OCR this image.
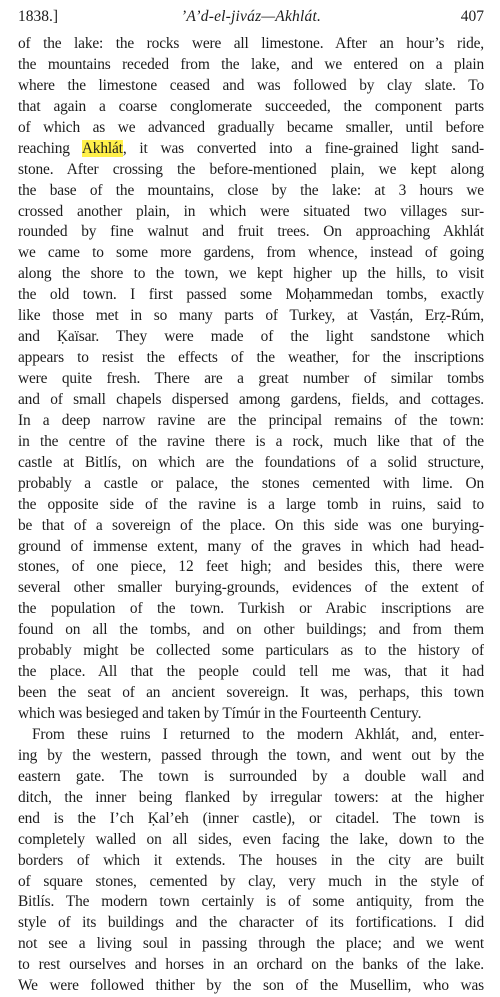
1838.]	’A’d-el-jiváz—Akhlát.	407
of the lake: the rocks were all limestone. After an hour’s ride,
the mountains receded from the lake, and we entered on a plain
where the limestone ceased and was followed by clay slate. To
that again a coarse conglomerate succeeded, the component parts
of which as we advanced gradually became smaller, until before
reaching Akhlát, it was converted into a fine-grained light sand-
stone. After crossing the before-mentioned plain, we kept along
the base of the mountains, close by the lake: at 3 hours we
crossed another plain, in which were situated two villages sur-
rounded by fine walnut and fruit trees. On approaching Akhlát
we came to some more gardens, from whence, instead of going
along the shore to the town, we kept higher up the hills, to visit
the old town. I first passed some Moḥammedan tombs, exactly
like those met in so many parts of Turkey, at Vasṭán, Erẓ-Rúm,
and Ḳaïsar. They were made of the light sandstone which
appears to resist the effects of the weather, for the inscriptions
were quite fresh. There are a great number of similar tombs
and of small chapels dispersed among gardens, fields, and cottages.
In a deep narrow ravine are the principal remains of the town:
in the centre of the ravine there is a rock, much like that of the
castle at Bitlís, on which are the foundations of a solid structure,
probably a castle or palace, the stones cemented with lime. On
the opposite side of the ravine is a large tomb in ruins, said to
be that of a sovereign of the place. On this side was one burying-
ground of immense extent, many of the graves in which had head-
stones, of one piece, 12 feet high; and besides this, there were
several other smaller burying-grounds, evidences of the extent of
the population of the town. Turkish or Arabic inscriptions are
found on all the tombs, and on other buildings; and from them
probably might be collected some particulars as to the history of
the place. All that the people could tell me was, that it had
been the seat of an ancient sovereign. It was, perhaps, this town
which was besieged and taken by Tímúr in the Fourteenth Century.
From these ruins I returned to the modern Akhlát, and, enter-
ing by the western, passed through the town, and went out by the
eastern gate. The town is surrounded by a double wall and
ditch, the inner being flanked by irregular towers: at the higher
end is the I’ch Ḳal’eh (inner castle), or citadel. The town is
completely walled on all sides, even facing the lake, down to the
borders of which it extends. The houses in the city are built
of square stones, cemented by clay, very much in the style of
Bitlís. The modern town certainly is of some antiquity, from the
style of its buildings and the character of its fortifications. I did
not see a living soul in passing through the place; and we went
to rest ourselves and horses in an orchard on the banks of the lake.
We were followed thither by the son of the Musellim, who was
